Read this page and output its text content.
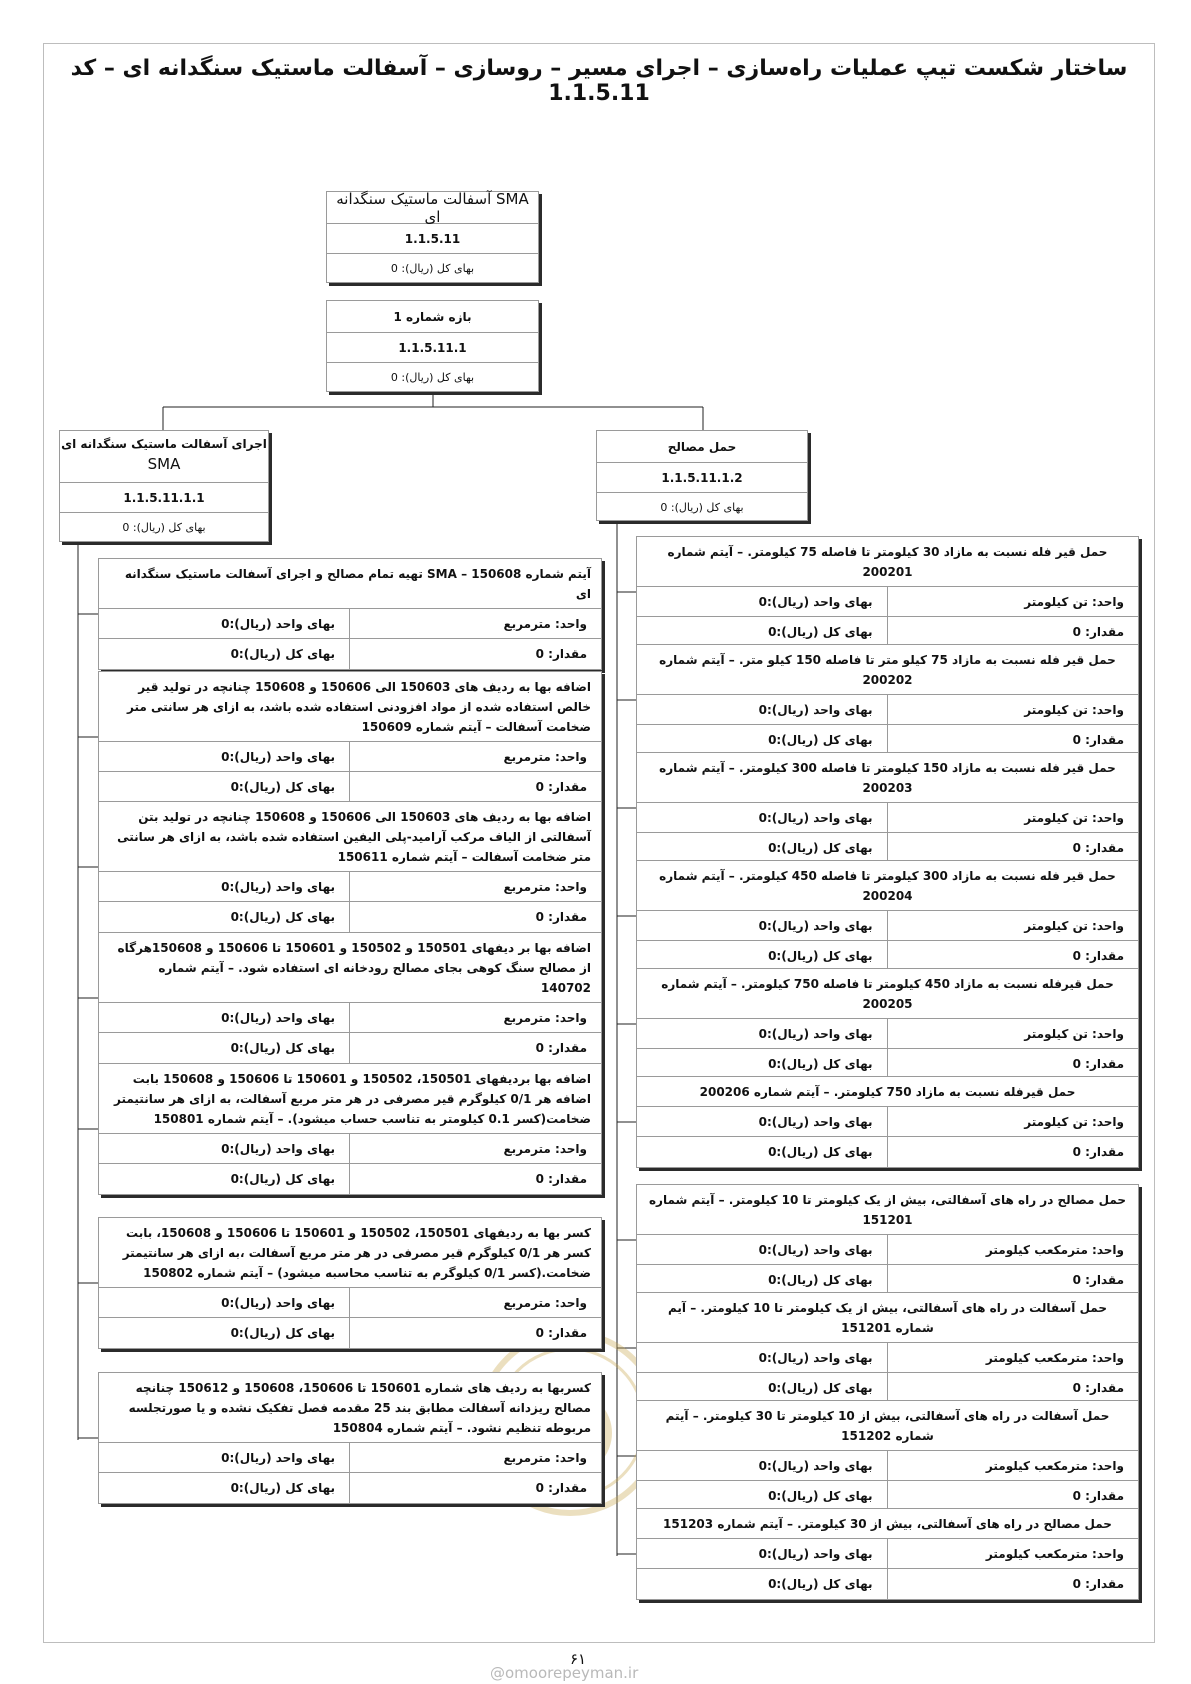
ساختار شکست تیپ عملیات راه‌سازی – اجرای مسیر – روسازی – آسفالت ماستیک سنگدانه ای – کد 1.1.5.11
SMA آسفالت ماستیک سنگدانه ای
1.1.5.11
بهای کل (ریال): 0
بازه شماره 1
1.1.5.11.1
بهای کل (ریال): 0
اجرای آسفالت ماستیک سنگدانه ای
SMA
1.1.5.11.1.1
بهای کل (ریال): 0
حمل مصالح
1.1.5.11.1.2
بهای کل (ریال): 0
آیتم شماره 150608 – SMA تهیه تمام مصالح و اجرای آسفالت ماستیک سنگدانه ای
واحد: مترمربع
بهای واحد (ریال):0
مقدار: 0
بهای کل (ریال):0
اضافه بها به ردیف های 150603 الی 150606 و 150608 چنانچه در تولید قیر خالص استفاده شده از مواد افزودنی استفاده شده باشد، به ازای هر سانتی متر ضخامت آسفالت – آیتم شماره 150609
واحد: مترمربع
بهای واحد (ریال):0
مقدار: 0
بهای کل (ریال):0
اضافه بها به ردیف های 150603 الی 150606 و 150608 چنانچه در تولید بتن آسفالتی از الیاف مرکب آرامید-پلی الیفین استفاده شده باشد، به ازای هر سانتی متر ضخامت آسفالت – آیتم شماره 150611
واحد: مترمربع
بهای واحد (ریال):0
مقدار: 0
بهای کل (ریال):0
اضافه بها بر دیفهای 150501 و 150502 و 150601 تا 150606 و 150608هرگاه از مصالح سنگ کوهی بجای مصالح رودخانه ای استفاده شود. – آیتم شماره 140702
واحد: مترمربع
بهای واحد (ریال):0
مقدار: 0
بهای کل (ریال):0
اضافه بها بردیفهای 150501، 150502 و 150601 تا 150606 و 150608 بابت اضافه هر 0/1 کیلوگرم قیر مصرفی در هر متر مربع آسفالت، به ازای هر سانتیمتر ضخامت(کسر 0.1 کیلومتر به تناسب حساب میشود). – آیتم شماره 150801
واحد: مترمربع
بهای واحد (ریال):0
مقدار: 0
بهای کل (ریال):0
کسر بها به ردیفهای 150501، 150502 و 150601 تا 150606 و 150608، بابت کسر هر 0/1 کیلوگرم قیر مصرفی در هر متر مربع آسفالت ،به ازای هر سانتیمتر ضخامت.(کسر 0/1 کیلوگرم به تناسب محاسبه میشود) – آیتم شماره 150802
واحد: مترمربع
بهای واحد (ریال):0
مقدار: 0
بهای کل (ریال):0
کسربها به ردیف های شماره 150601 تا 150606، 150608 و 150612 چنانچه مصالح ریزدانه آسفالت مطابق بند 25 مقدمه فصل تفکیک نشده و یا صورتجلسه مربوطه تنظیم نشود. – آیتم شماره 150804
واحد: مترمربع
بهای واحد (ریال):0
مقدار: 0
بهای کل (ریال):0
حمل قیر فله نسبت به مازاد 30 کیلومتر تا فاصله 75 کیلومتر. – آیتم شماره 200201
واحد: تن کیلومتر
بهای واحد (ریال):0
مقدار: 0
بهای کل (ریال):0
حمل قیر فله نسبت به مازاد 75 کیلو متر تا فاصله 150 کیلو متر. – آیتم شماره 200202
واحد: تن کیلومتر
بهای واحد (ریال):0
مقدار: 0
بهای کل (ریال):0
حمل قیر فله نسبت به مازاد 150 کیلومتر تا فاصله 300 کیلومتر. – آیتم شماره 200203
واحد: تن کیلومتر
بهای واحد (ریال):0
مقدار: 0
بهای کل (ریال):0
حمل قیر فله نسبت به مازاد 300 کیلومتر تا فاصله 450 کیلومتر. – آیتم شماره 200204
واحد: تن کیلومتر
بهای واحد (ریال):0
مقدار: 0
بهای کل (ریال):0
حمل قیرفله نسبت به مازاد 450 کیلومتر تا فاصله 750 کیلومتر. – آیتم شماره 200205
واحد: تن کیلومتر
بهای واحد (ریال):0
مقدار: 0
بهای کل (ریال):0
حمل قیرفله نسبت به مازاد 750 کیلومتر. – آیتم شماره 200206
واحد: تن کیلومتر
بهای واحد (ریال):0
مقدار: 0
بهای کل (ریال):0
حمل مصالح در راه های آسفالتی، بیش از یک کیلومتر تا 10 کیلومتر. – آیتم شماره 151201
واحد: مترمکعب کیلومتر
بهای واحد (ریال):0
مقدار: 0
بهای کل (ریال):0
حمل آسفالت در راه های آسفالتی، بیش از یک کیلومتر تا 10 کیلومتر. – آیم شماره 151201
واحد: مترمکعب کیلومتر
بهای واحد (ریال):0
مقدار: 0
بهای کل (ریال):0
حمل آسفالت در راه های آسفالتی، بیش از 10 کیلومتر تا 30 کیلومتر. – آیتم شماره 151202
واحد: مترمکعب کیلومتر
بهای واحد (ریال):0
مقدار: 0
بهای کل (ریال):0
حمل مصالح در راه های آسفالتی، بیش از 30 کیلومتر. – آیتم شماره 151203
واحد: مترمکعب کیلومتر
بهای واحد (ریال):0
مقدار: 0
بهای کل (ریال):0
۶۱
@omoorepeyman.ir
